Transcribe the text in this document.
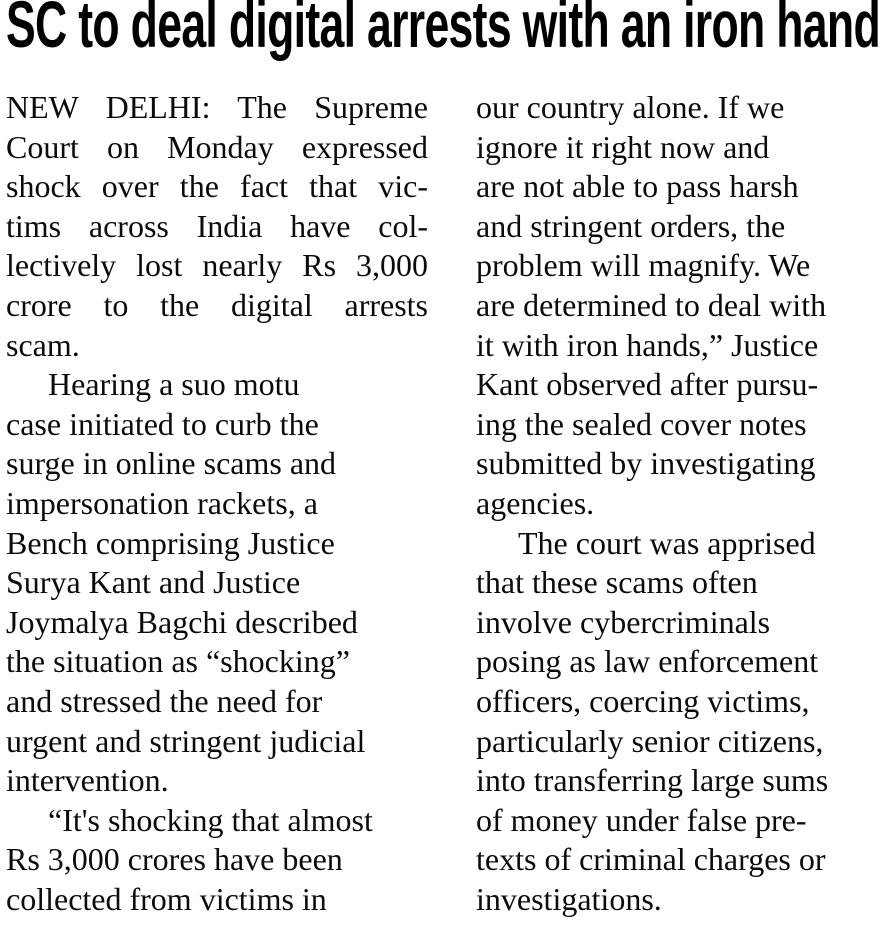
SC to deal digital arrests with an iron hand
NEW DELHI: The Supreme
Court on Monday expressed
shock over the fact that vic-
tims across India have col-
lectively lost nearly Rs 3,000
crore to the digital arrests
scam.
Hearing a suo motu
case initiated to curb the
surge in online scams and
impersonation rackets, a
Bench comprising Justice
Surya Kant and Justice
Joymalya Bagchi described
the situation as “shocking”
and stressed the need for
urgent and stringent judicial
intervention.
“It's shocking that almost
Rs 3,000 crores have been
collected from victims in
our country alone. If we
ignore it right now and
are not able to pass harsh
and stringent orders, the
problem will magnify. We
are determined to deal with
it with iron hands,” Justice
Kant observed after pursu-
ing the sealed cover notes
submitted by investigating
agencies.
The court was apprised
that these scams often
involve cybercriminals
posing as law enforcement
officers, coercing victims,
particularly senior citizens,
into transferring large sums
of money under false pre-
texts of criminal charges or
investigations.
